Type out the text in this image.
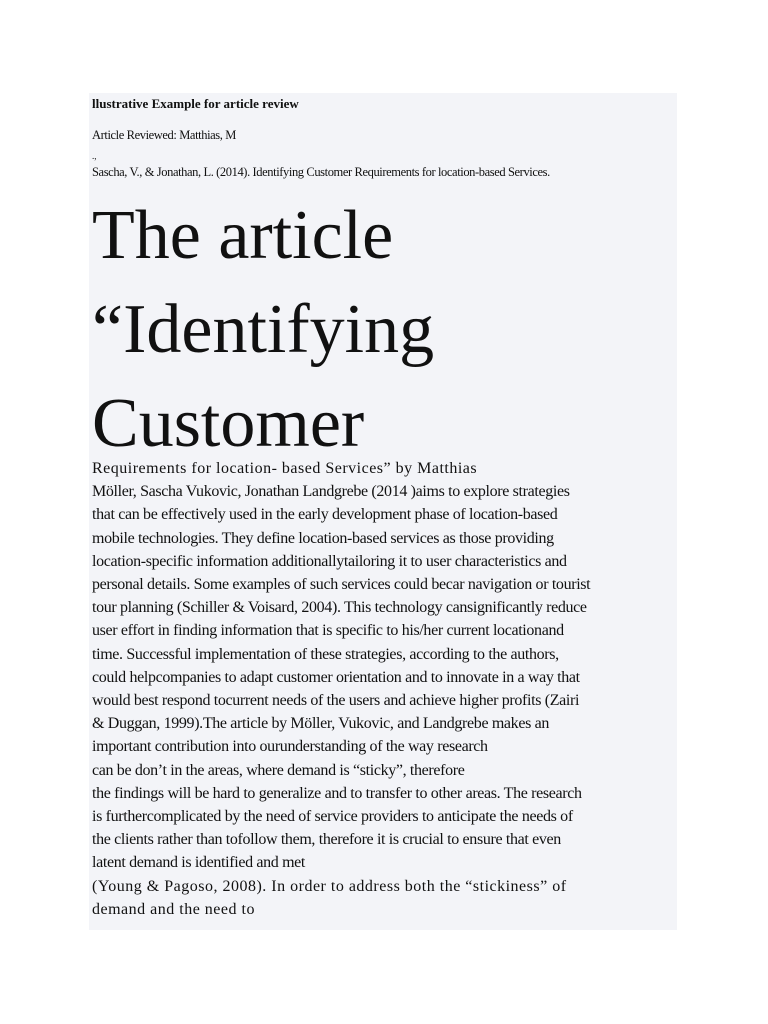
llustrative Example for article review
Article Reviewed: Matthias, M
.,
Sascha, V., & Jonathan, L. (2014). Identifying Customer Requirements for location-based Services.
The article
“Identifying
Customer
Requirements for location- based Services” by Matthias
Möller, Sascha Vukovic, Jonathan Landgrebe (2014 )aims to explore strategies
that can be effectively used in the early development phase of location-based
mobile technologies. They define location-based services as those providing
location-specific information additionallytailoring it to user characteristics and
personal details. Some examples of such services could becar navigation or tourist
tour planning (Schiller & Voisard, 2004). This technology cansignificantly reduce
user effort in finding information that is specific to his/her current locationand
time. Successful implementation of these strategies, according to the authors,
could helpcompanies to adapt customer orientation and to innovate in a way that
would best respond tocurrent needs of the users and achieve higher profits (Zairi
& Duggan, 1999).The article by Möller, Vukovic, and Landgrebe makes an
important contribution into ourunderstanding of the way research
can be don’t in the areas, where demand is “sticky”, therefore
the findings will be hard to generalize and to transfer to other areas. The research
is furthercomplicated by the need of service providers to anticipate the needs of
the clients rather than tofollow them, therefore it is crucial to ensure that even
latent demand is identified and met
(Young & Pagoso, 2008). In order to address both the “stickiness” of
demand and the need to
